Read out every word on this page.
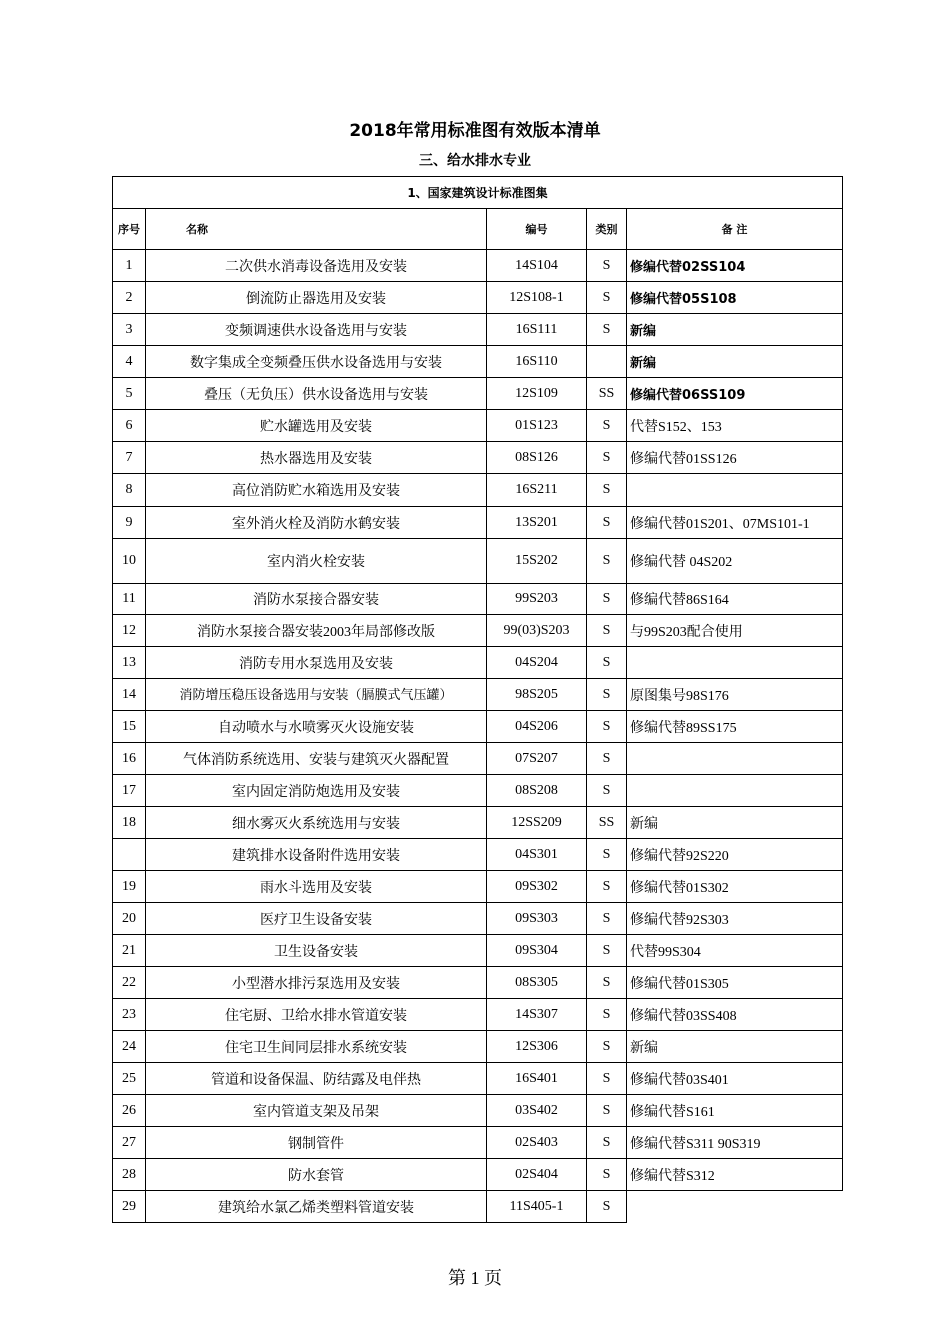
2018年常用标准图有效版本清单
三、给水排水专业
1、国家建筑设计标准图集				
序号	名称	编号	类别	备 注
1	二次供水消毒设备选用及安装	14S104	S	修编代替02SS104
2	倒流防止器选用及安装	12S108-1	S	修编代替05S108
3	变频调速供水设备选用与安装	16S111	S	新编
4	数字集成全变频叠压供水设备选用与安装	16S110		新编
5	叠压（无负压）供水设备选用与安装	12S109	SS	修编代替06SS109
6	贮水罐选用及安装	01S123	S	代替S152、153
7	热水器选用及安装	08S126	S	修编代替01SS126
8	高位消防贮水箱选用及安装	16S211	S	
9	室外消火栓及消防水鹤安装	13S201	S	修编代替01S201、07MS101-1
10	室内消火栓安装	15S202	S	修编代替 04S202
11	消防水泵接合器安装	99S203	S	修编代替86S164
12	消防水泵接合器安装2003年局部修改版	99(03)S203	S	与99S203配合使用
13	消防专用水泵选用及安装	04S204	S	
14	消防增压稳压设备选用与安装（膈膜式气压罐）	98S205	S	原图集号98S176
15	自动喷水与水喷雾灭火设施安装	04S206	S	修编代替89SS175
16	气体消防系统选用、安装与建筑灭火器配置	07S207	S	
17	室内固定消防炮选用及安装	08S208	S	
18	细水雾灭火系统选用与安装	12SS209	SS	新编
	建筑排水设备附件选用安装	04S301	S	修编代替92S220
19	雨水斗选用及安装	09S302	S	修编代替01S302
20	医疗卫生设备安装	09S303	S	修编代替92S303
21	卫生设备安装	09S304	S	代替99S304
22	小型潜水排污泵选用及安装	08S305	S	修编代替01S305
23	住宅厨、卫给水排水管道安装	14S307	S	修编代替03SS408
24	住宅卫生间同层排水系统安装	12S306	S	新编
25	管道和设备保温、防结露及电伴热	16S401	S	修编代替03S401
26	室内管道支架及吊架	03S402	S	修编代替S161
27	钢制管件	02S403	S	修编代替S311 90S319
28	防水套管	02S404	S	修编代替S312
29	建筑给水氯乙烯类塑料管道安装	11S405-1	S	
第 1 页
